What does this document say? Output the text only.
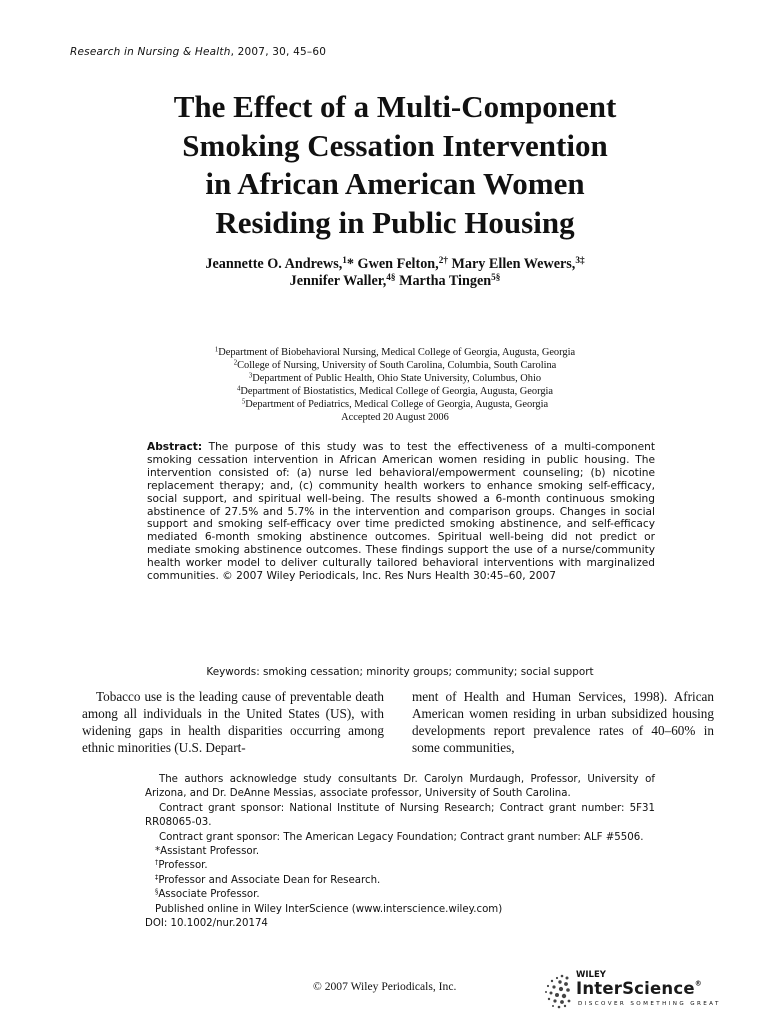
Research in Nursing & Health, 2007, 30, 45–60
The Effect of a Multi-Component
Smoking Cessation Intervention
in African American Women
Residing in Public Housing
Jeannette O. Andrews,$^1$* Gwen Felton,$^{2\dagger}$ Mary Ellen Wewers,$^{3\ddagger}$
Jennifer Waller,$^{4\S}$ Martha Tingen$^{5\S}$
$^1$Department of Biobehavioral Nursing, Medical College of Georgia, Augusta, Georgia
$^2$College of Nursing, University of South Carolina, Columbia, South Carolina
$^3$Department of Public Health, Ohio State University, Columbus, Ohio
$^4$Department of Biostatistics, Medical College of Georgia, Augusta, Georgia
$^5$Department of Pediatrics, Medical College of Georgia, Augusta, Georgia
Accepted 20 August 2006
Abstract: The purpose of this study was to test the effectiveness of a multi-component smoking cessation intervention in African American women residing in public housing. The intervention consisted of: (a) nurse led behavioral/empowerment counseling; (b) nicotine replacement therapy; and, (c) community health workers to enhance smoking self-efficacy, social support, and spiritual well-being. The results showed a 6-month continuous smoking abstinence of 27.5% and 5.7% in the intervention and comparison groups. Changes in social support and smoking self-efficacy over time predicted smoking abstinence, and self-efficacy mediated 6-month smoking abstinence outcomes. Spiritual well-being did not predict or mediate smoking abstinence outcomes. These findings support the use of a nurse/community health worker model to deliver culturally tailored behavioral interventions with marginalized communities. © 2007 Wiley Periodicals, Inc. Res Nurs Health 30:45–60, 2007
Keywords: smoking cessation; minority groups; community; social support

Tobacco use is the leading cause of preventable death among all individuals in the United States (US), with widening gaps in health disparities occurring among ethnic minorities (U.S. Depart-

ment of Health and Human Services, 1998). African American women residing in urban subsidized housing developments report prevalence rates of 40–60% in some communities,

The authors acknowledge study consultants Dr. Carolyn Murdaugh, Professor, University of Arizona, and Dr. DeAnne Messias, associate professor, University of South Carolina.
Contract grant sponsor: National Institute of Nursing Research; Contract grant number: 5F31 RR08065-03.
Contract grant sponsor: The American Legacy Foundation; Contract grant number: ALF #5506.
*Assistant Professor.
†Professor.
‡Professor and Associate Dean for Research.
§Associate Professor.
Published online in Wiley InterScience (www.interscience.wiley.com)
DOI: 10.1002/nur.20174
© 2007 Wiley Periodicals, Inc.
WILEY
InterScience®
DISCOVER SOMETHING GREAT
